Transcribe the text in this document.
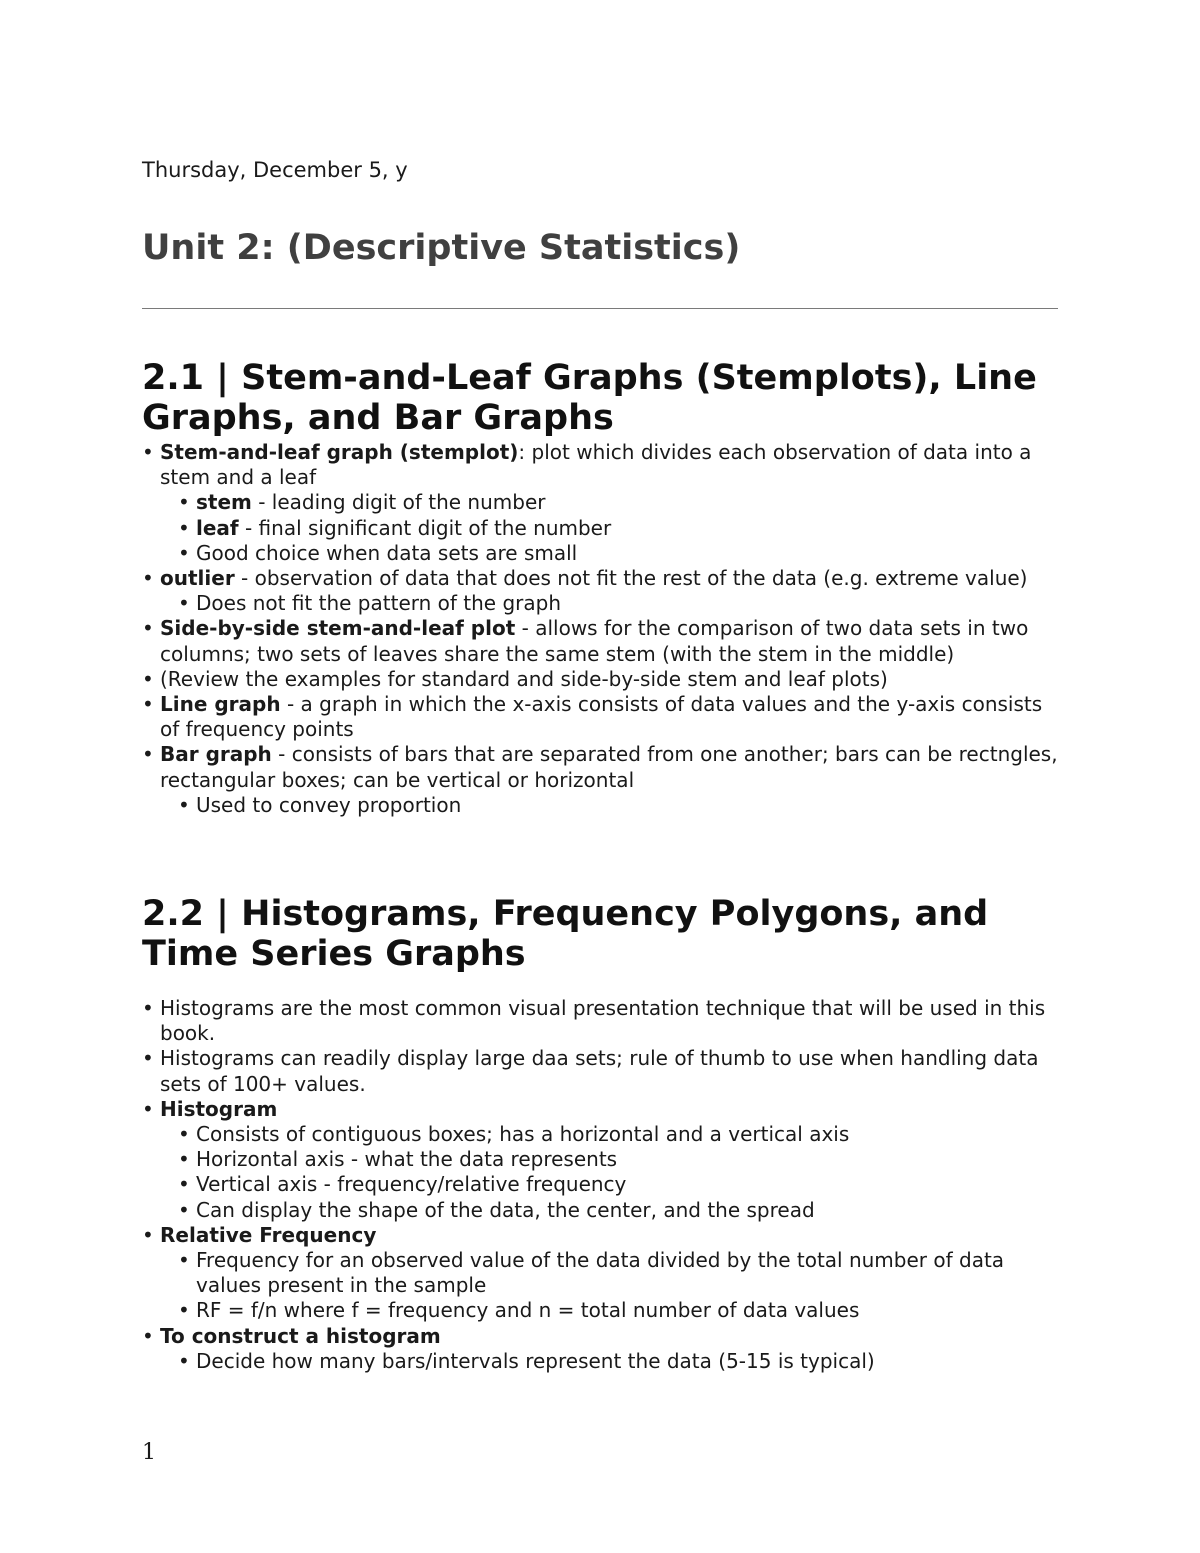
Thursday, December 5, y
Unit 2: (Descriptive Statistics)
2.1 | Stem-and-Leaf Graphs (Stemplots), Line
Graphs, and Bar Graphs
• Stem-and-leaf graph (stemplot): plot which divides each observation of data into a stem and a leaf
• stem - leading digit of the number
• leaf - final significant digit of the number
• Good choice when data sets are small
• outlier - observation of data that does not fit the rest of the data (e.g. extreme value)
• Does not fit the pattern of the graph
• Side-by-side stem-and-leaf plot - allows for the comparison of two data sets in two columns; two sets of leaves share the same stem (with the stem in the middle)
• (Review the examples for standard and side-by-side stem and leaf plots)
• Line graph - a graph in which the x-axis consists of data values and the y-axis consists of frequency points
• Bar graph - consists of bars that are separated from one another; bars can be rectngles, rectangular boxes; can be vertical or horizontal
• Used to convey proportion
2.2 | Histograms, Frequency Polygons, and
Time Series Graphs
• Histograms are the most common visual presentation technique that will be used in this book.
• Histograms can readily display large daa sets; rule of thumb to use when handling data sets of 100+ values.
• Histogram
• Consists of contiguous boxes; has a horizontal and a vertical axis
• Horizontal axis - what the data represents
• Vertical axis - frequency/relative frequency
• Can display the shape of the data, the center, and the spread
• Relative Frequency
• Frequency for an observed value of the data divided by the total number of data values present in the sample
• RF = f/n where f = frequency and n = total number of data values
• To construct a histogram
• Decide how many bars/intervals represent the data (5-15 is typical)
1
